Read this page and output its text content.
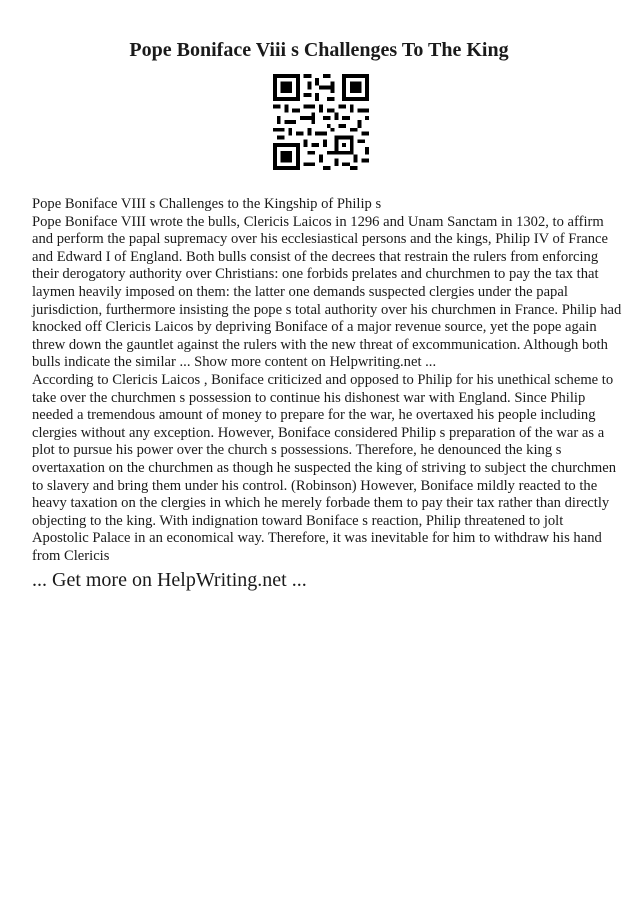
Pope Boniface Viii s Challenges To The King

Pope Boniface VIII s Challenges to the Kingship of Philip s

Pope Boniface VIII wrote the bulls, Clericis Laicos in 1296 and Unam Sanctam in 1302, to affirm and perform the papal supremacy over his ecclesiastical persons and the kings, Philip IV of France and Edward I of England. Both bulls consist of the decrees that restrain the rulers from enforcing their derogatory authority over Christians: one forbids prelates and churchmen to pay the tax that laymen heavily imposed on them: the latter one demands suspected clergies under the papal jurisdiction, furthermore insisting the pope s total authority over his churchmen in France. Philip had knocked off Clericis Laicos by depriving Boniface of a major revenue source, yet the pope again threw down the gauntlet against the rulers with the new threat of excommunication. Although both bulls indicate the similar ... Show more content on Helpwriting.net ...

According to Clericis Laicos , Boniface criticized and opposed to Philip for his unethical scheme to take over the churchmen s possession to continue his dishonest war with England. Since Philip needed a tremendous amount of money to prepare for the war, he overtaxed his people including clergies without any exception. However, Boniface considered Philip s preparation of the war as a plot to pursue his power over the church s possessions. Therefore, he denounced the king s overtaxation on the churchmen as though he suspected the king of striving to subject the churchmen to slavery and bring them under his control. (Robinson) However, Boniface mildly reacted to the heavy taxation on the clergies in which he merely forbade them to pay their tax rather than directly objecting to the king. With indignation toward Boniface s reaction, Philip threatened to jolt Apostolic Palace in an economical way. Therefore, it was inevitable for him to withdraw his hand from Clericis

... Get more on HelpWriting.net ...
